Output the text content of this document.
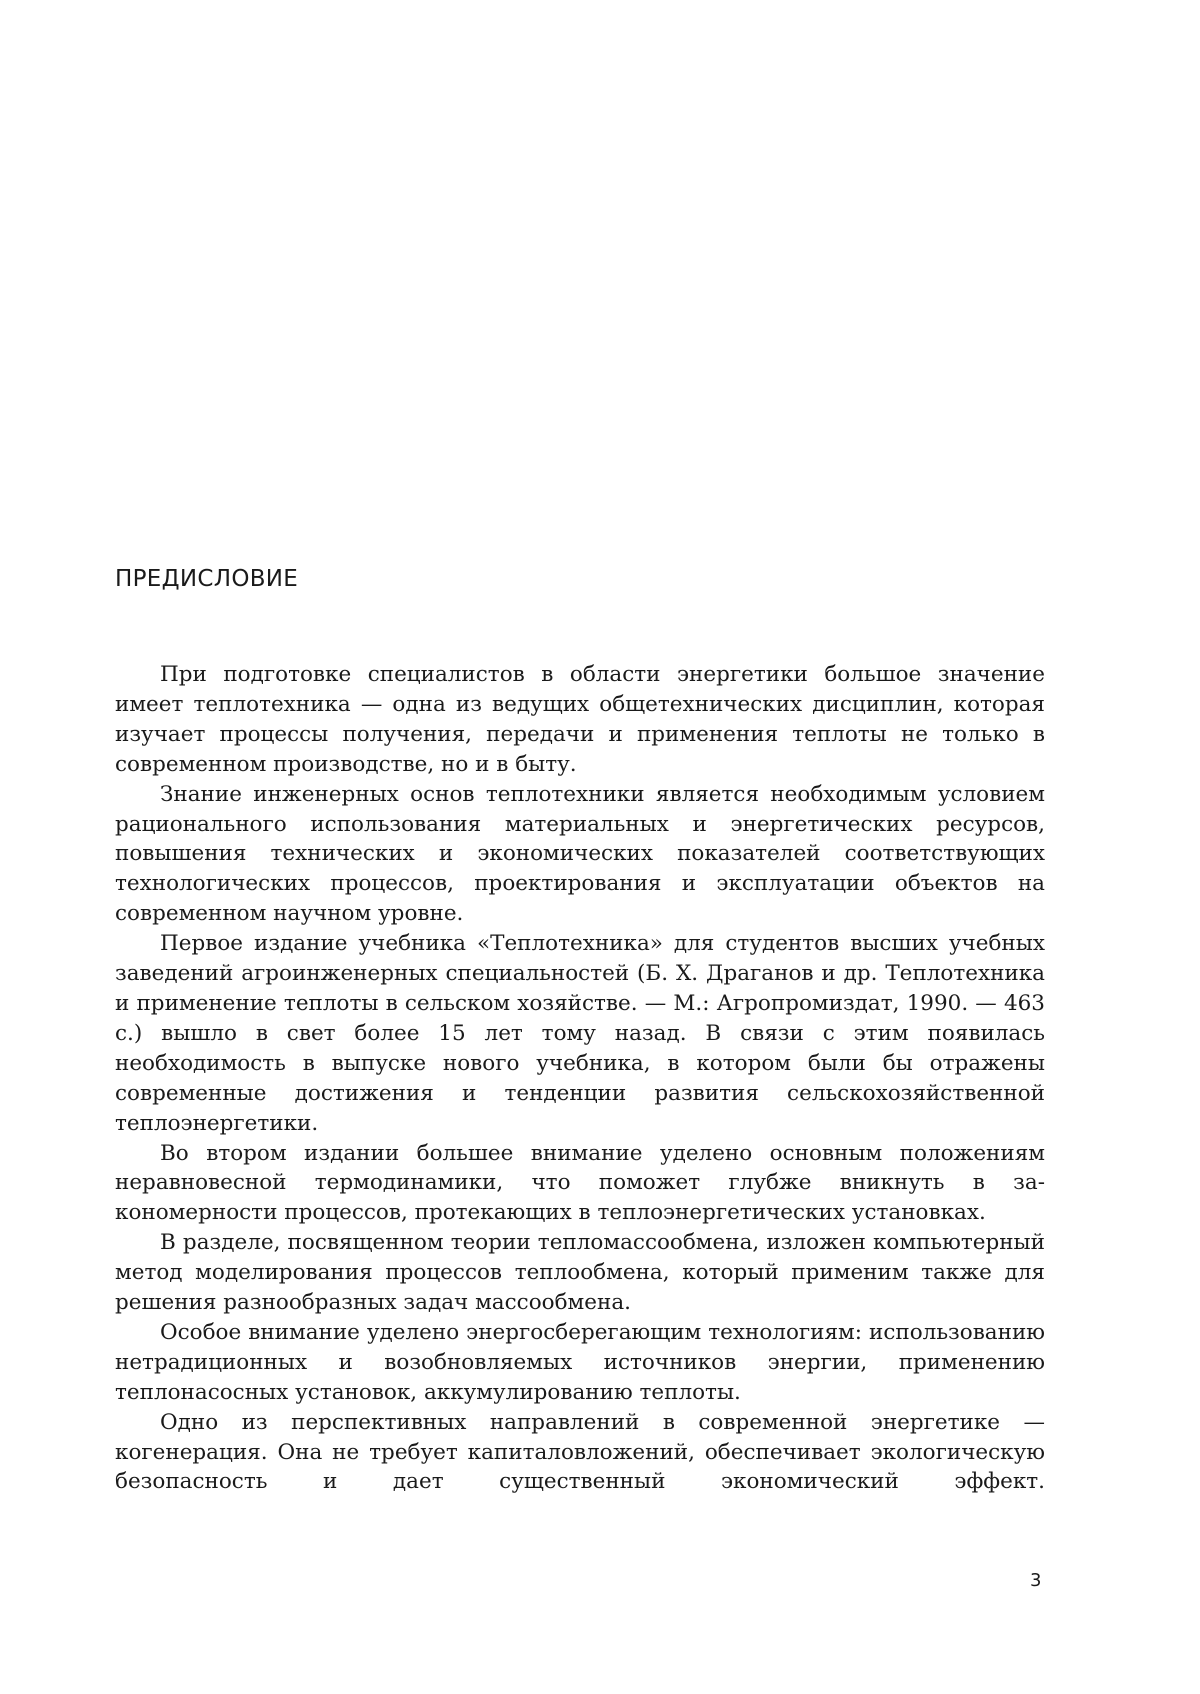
ПРЕДИСЛОВИЕ

При подготовке специалистов в области энергетики большое значение имеет теплотехника — одна из ведущих общетехнических дисциплин, которая изучает процессы получения, передачи и применения теплоты не только в современном производстве, но и в быту.

Знание инженерных основ теплотехники является необходимым условием рационального использования материальных и энергетических ресурсов, повышения технических и экономических показателей соответствующих технологических процессов, проектирования и эксплуатации объектов на современном научном уровне.

Первое издание учебника «Теплотехника» для студентов высших учебных заведений агроинженерных специальностей (Б. Х. Драганов и др. Теплотехника и применение теплоты в сельском хозяйстве. — М.: Агропромиздат, 1990. — 463 с.) вышло в свет более 15 лет тому назад. В связи с этим появилась необходимость в выпуске нового учебника, в котором были бы отражены современные достижения и тенденции развития сельскохозяйственной теплоэнергетики.

Во втором издании большее внимание уделено основным положениям неравновесной термодинамики, что поможет глубже вникнуть в закономерности процессов, протекающих в теплоэнергетических установках.

В разделе, посвященном теории тепломассообмена, изложен компьютерный метод моделирования процессов теплообмена, который применим также для решения разнообразных задач массообмена.

Особое внимание уделено энергосберегающим технологиям: использованию нетрадиционных и возобновляемых источников энергии, применению теплонасосных установок, аккумулированию теплоты.

Одно из перспективных направлений в современной энергетике — когенерация. Она не требует капиталовложений, обеспечивает экологическую безопасность и дает существенный экономический эффект.

3
